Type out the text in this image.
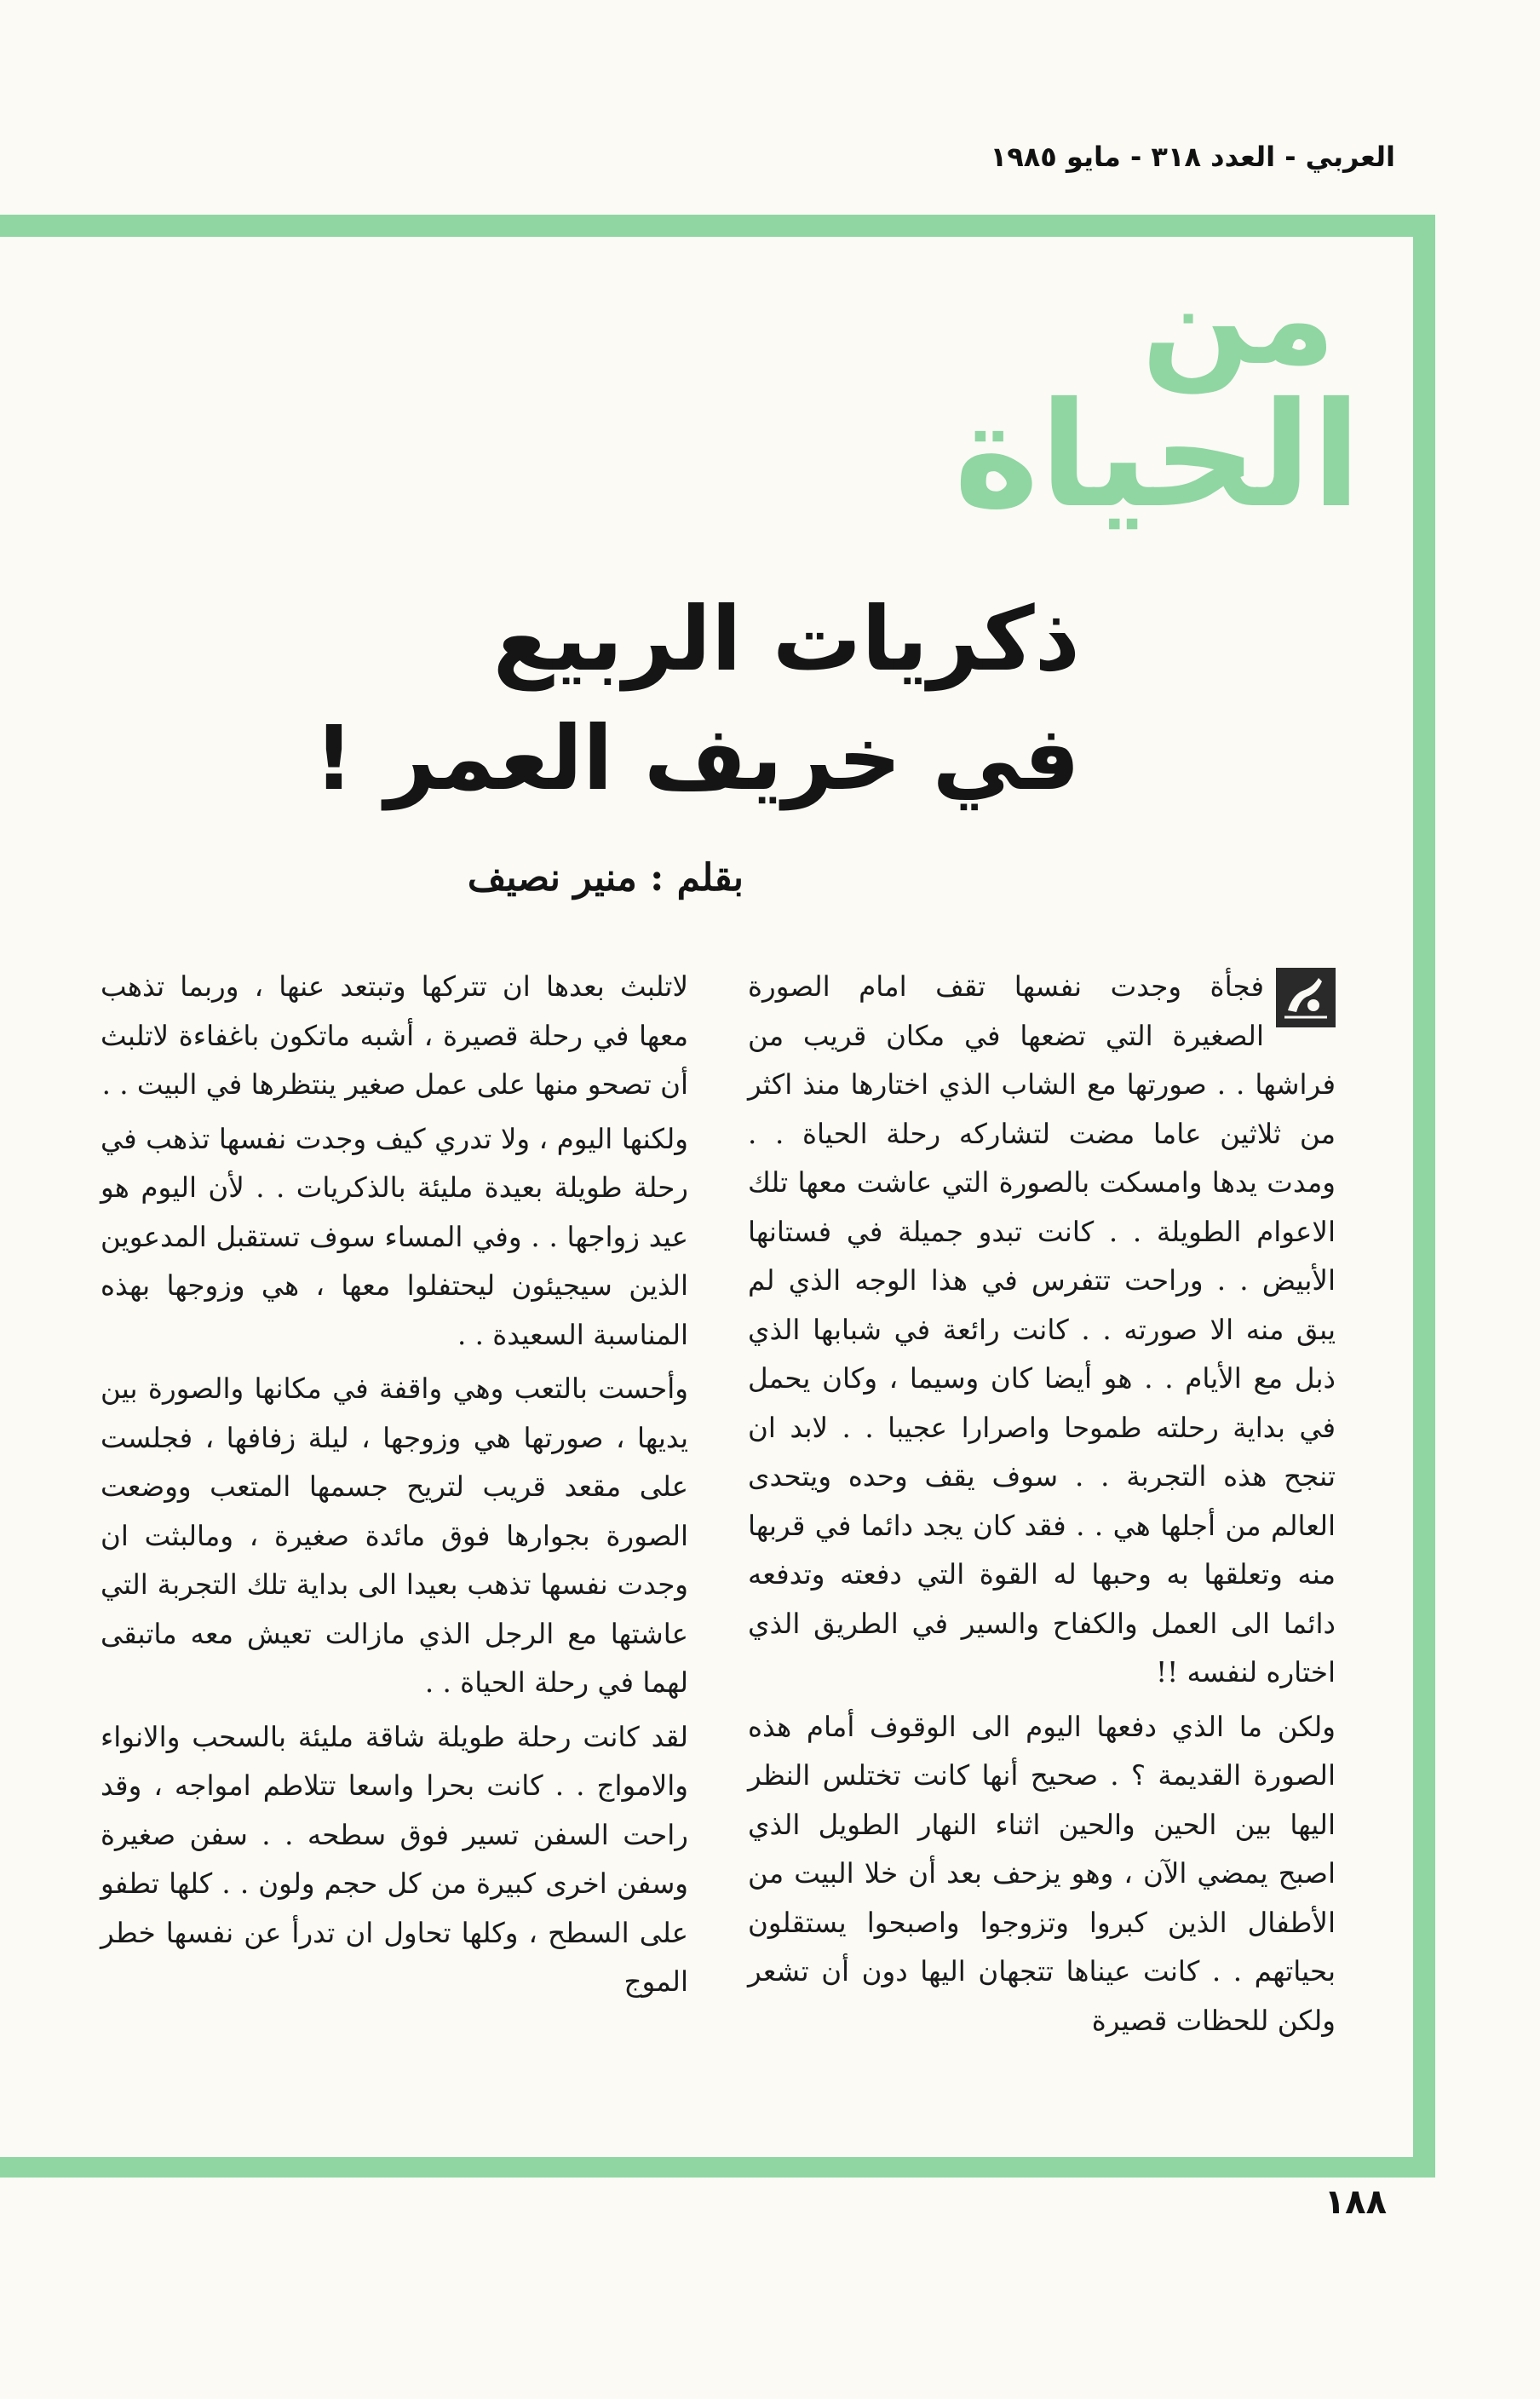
العربي - العدد ٣١٨ - مايو ١٩٨٥
من
الحياة
ذكريات الربيع
في خريف العمر !
بقلم : منير نصيف

فجأة وجدت نفسها تقف امام الصورة الصغيرة التي تضعها في مكان قريب من فراشها . . صورتها مع الشاب الذي اختارها منذ اكثر من ثلاثين عاما مضت لتشاركه رحلة الحياة . . ومدت يدها وامسكت بالصورة التي عاشت معها تلك الاعوام الطويلة . . كانت تبدو جميلة في فستانها الأبيض . . وراحت تتفرس في هذا الوجه الذي لم يبق منه الا صورته . . كانت رائعة في شبابها الذي ذبل مع الأيام . . هو أيضا كان وسيما ، وكان يحمل في بداية رحلته طموحا واصرارا عجيبا . . لابد ان تنجح هذه التجربة . . سوف يقف وحده ويتحدى العالم من أجلها هي . . فقد كان يجد دائما في قربها منه وتعلقها به وحبها له القوة التي دفعته وتدفعه دائما الى العمل والكفاح والسير في الطريق الذي اختاره لنفسه !!

ولكن ما الذي دفعها اليوم الى الوقوف أمام هذه الصورة القديمة ؟ . صحيح أنها كانت تختلس النظر اليها بين الحين والحين اثناء النهار الطويل الذي اصبح يمضي الآن ، وهو يزحف بعد أن خلا البيت من الأطفال الذين كبروا وتزوجوا واصبحوا يستقلون بحياتهم . . كانت عيناها تتجهان اليها دون أن تشعر ولكن للحظات قصيرة

لاتلبث بعدها ان تتركها وتبتعد عنها ، وربما تذهب معها في رحلة قصيرة ، أشبه ماتكون باغفاءة لاتلبث أن تصحو منها على عمل صغير ينتظرها في البيت . .

ولكنها اليوم ، ولا تدري كيف وجدت نفسها تذهب في رحلة طويلة بعيدة مليئة بالذكريات . . لأن اليوم هو عيد زواجها . . وفي المساء سوف تستقبل المدعوين الذين سيجيئون ليحتفلوا معها ، هي وزوجها بهذه المناسبة السعيدة . .

وأحست بالتعب وهي واقفة في مكانها والصورة بين يديها ، صورتها هي وزوجها ، ليلة زفافها ، فجلست على مقعد قريب لتريح جسمها المتعب ووضعت الصورة بجوارها فوق مائدة صغيرة ، ومالبثت ان وجدت نفسها تذهب بعيدا الى بداية تلك التجربة التي عاشتها مع الرجل الذي مازالت تعيش معه ماتبقى لهما في رحلة الحياة . .

لقد كانت رحلة طويلة شاقة مليئة بالسحب والانواء والامواج . . كانت بحرا واسعا تتلاطم امواجه ، وقد راحت السفن تسير فوق سطحه . . سفن صغيرة وسفن اخرى كبيرة من كل حجم ولون . . كلها تطفو على السطح ، وكلها تحاول ان تدرأ عن نفسها خطر الموج

١٨٨
